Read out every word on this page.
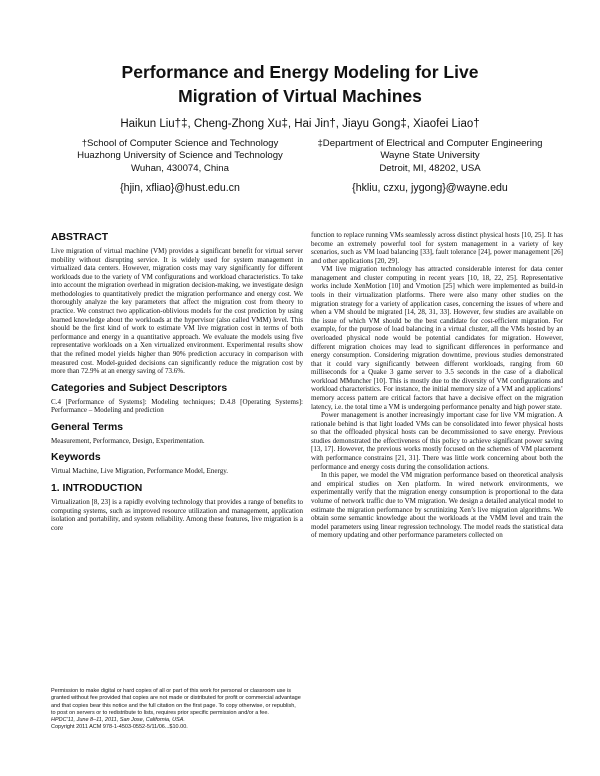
Performance and Energy Modeling for Live
Migration of Virtual Machines
Haikun Liu†‡, Cheng-Zhong Xu‡, Hai Jin†, Jiayu Gong‡, Xiaofei Liao†
†School of Computer Science and Technology
Huazhong University of Science and Technology
Wuhan, 430074, China
{hjin, xfliao}@hust.edu.cn
‡Department of Electrical and Computer Engineering
Wayne State University
Detroit, MI, 48202, USA
{hkliu, czxu, jygong}@wayne.edu
ABSTRACT

Live migration of virtual machine (VM) provides a significant benefit for virtual server mobility without disrupting service. It is widely used for system management in virtualized data centers. However, migration costs may vary significantly for different workloads due to the variety of VM configurations and workload characteristics. To take into account the migration overhead in migration decision-making, we investigate design methodologies to quantitatively predict the migration performance and energy cost. We thoroughly analyze the key parameters that affect the migration cost from theory to practice. We construct two application-oblivious models for the cost prediction by using learned knowledge about the workloads at the hypervisor (also called VMM) level. This should be the first kind of work to estimate VM live migration cost in terms of both performance and energy in a quantitative approach. We evaluate the models using five representative workloads on a Xen virtualized environment. Experimental results show that the refined model yields higher than 90% prediction accuracy in comparison with measured cost. Model-guided decisions can significantly reduce the migration cost by more than 72.9% at an energy saving of 73.6%.

Categories and Subject Descriptors

C.4 [Performance of Systems]: Modeling techniques; D.4.8 [Operating Systems]: Performance – Modeling and prediction

General Terms

Measurement, Performance, Design, Experimentation.

Keywords

Virtual Machine, Live Migration, Performance Model, Energy.

1. INTRODUCTION

Virtualization [8, 23] is a rapidly evolving technology that provides a range of benefits to computing systems, such as improved resource utilization and management, application isolation and portability, and system reliability. Among these features, live migration is a core

Permission to make digital or hard copies of all or part of this work for personal or classroom use is granted without fee provided that copies are not made or distributed for profit or commercial advantage and that copies bear this notice and the full citation on the first page. To copy otherwise, or republish, to post on servers or to redistribute to lists, requires prior specific permission and/or a fee.
HPDC’11, June 8–11, 2011, San Jose, California, USA.
Copyright 2011 ACM 978-1-4503-0552-5/11/06...$10.00.

function to replace running VMs seamlessly across distinct physical hosts [10, 25]. It has become an extremely powerful tool for system management in a variety of key scenarios, such as VM load balancing [33], fault tolerance [24], power management [26] and other applications [20, 29].

VM live migration technology has attracted considerable interest for data center management and cluster computing in recent years [10, 18, 22, 25]. Representative works include XenMotion [10] and Vmotion [25] which were implemented as build-in tools in their virtualization platforms. There were also many other studies on the migration strategy for a variety of application cases, concerning the issues of where and when a VM should be migrated [14, 28, 31, 33]. However, few studies are available on the issue of which VM should be the best candidate for cost-efficient migration. For example, for the purpose of load balancing in a virtual cluster, all the VMs hosted by an overloaded physical node would be potential candidates for migration. However, different migration choices may lead to significant differences in performance and energy consumption. Considering migration downtime, previous studies demonstrated that it could vary significantly between different workloads, ranging from 60 milliseconds for a Quake 3 game server to 3.5 seconds in the case of a diabolical workload MMuncher [10]. This is mostly due to the diversity of VM configurations and workload characteristics. For instance, the initial memory size of a VM and applications’ memory access pattern are critical factors that have a decisive effect on the migration latency, i.e. the total time a VM is undergoing performance penalty and high power state.

Power management is another increasingly important case for live VM migration. A rationale behind is that light loaded VMs can be consolidated into fewer physical hosts so that the offloaded physical hosts can be decommissioned to save energy. Previous studies demonstrated the effectiveness of this policy to achieve significant power saving [13, 17]. However, the previous works mostly focused on the schemes of VM placement with performance constrains [21, 31]. There was little work concerning about both the performance and energy costs during the consolidation actions.

In this paper, we model the VM migration performance based on theoretical analysis and empirical studies on Xen platform. In wired network environments, we experimentally verify that the migration energy consumption is proportional to the data volume of network traffic due to VM migration. We design a detailed analytical model to estimate the migration performance by scrutinizing Xen’s live migration algorithms. We obtain some semantic knowledge about the workloads at the VMM level and train the model parameters using linear regression technology. The model reads the statistical data of memory updating and other performance parameters collected on
